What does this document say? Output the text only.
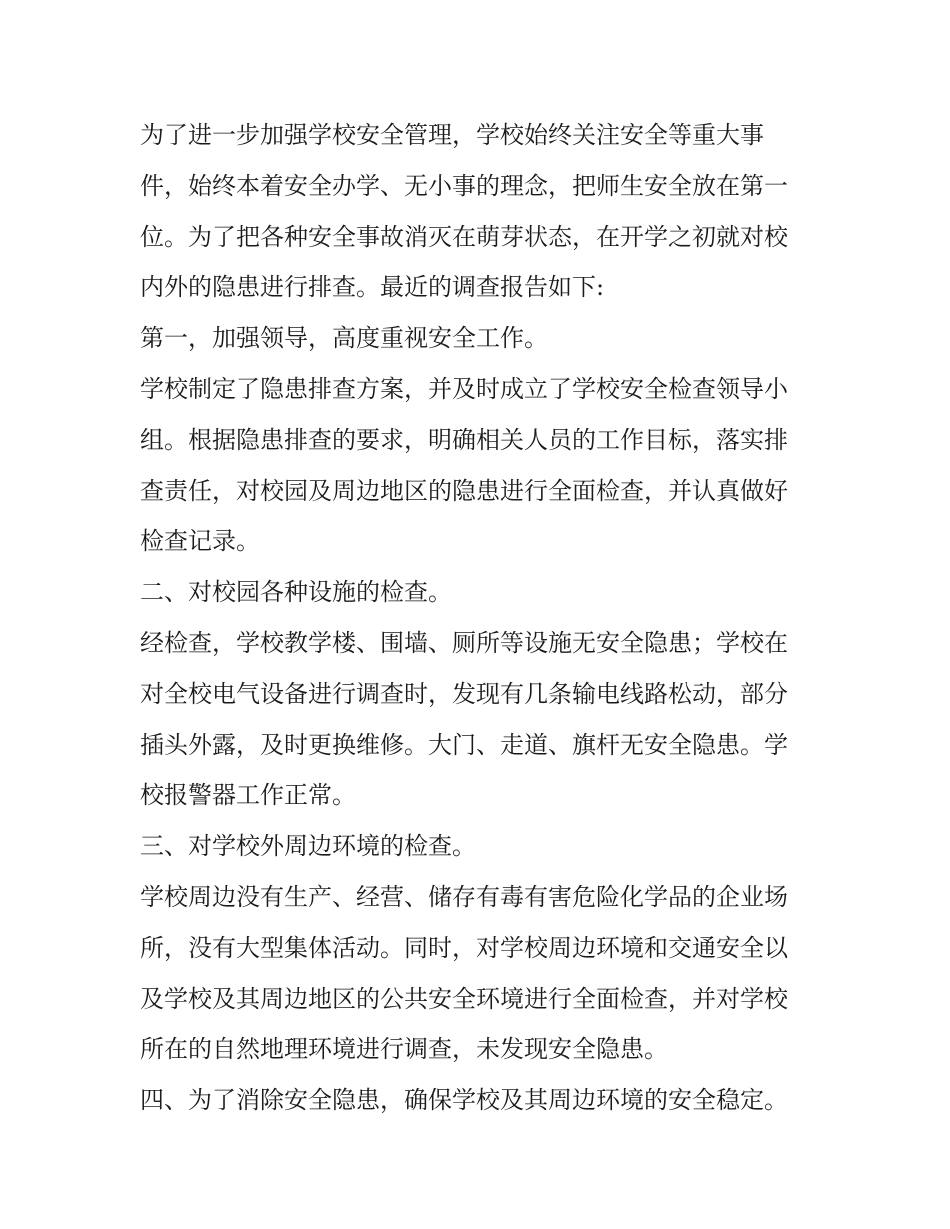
为了进一步加强学校安全管理，学校始终关注安全等重大事
件，始终本着安全办学、无小事的理念，把师生安全放在第一
位。为了把各种安全事故消灭在萌芽状态，在开学之初就对校
内外的隐患进行排查。最近的调查报告如下:

第一，加强领导，高度重视安全工作。

学校制定了隐患排查方案，并及时成立了学校安全检查领导小
组。根据隐患排查的要求，明确相关人员的工作目标，落实排
查责任，对校园及周边地区的隐患进行全面检查，并认真做好
检查记录。

二、对校园各种设施的检查。

经检查，学校教学楼、围墙、厕所等设施无安全隐患；学校在
对全校电气设备进行调查时，发现有几条输电线路松动，部分
插头外露，及时更换维修。大门、走道、旗杆无安全隐患。学
校报警器工作正常。

三、对学校外周边环境的检查。

学校周边没有生产、经营、储存有毒有害危险化学品的企业场
所，没有大型集体活动。同时，对学校周边环境和交通安全以
及学校及其周边地区的公共安全环境进行全面检查，并对学校
所在的自然地理环境进行调查，未发现安全隐患。

四、为了消除安全隐患，确保学校及其周边环境的安全稳定。
